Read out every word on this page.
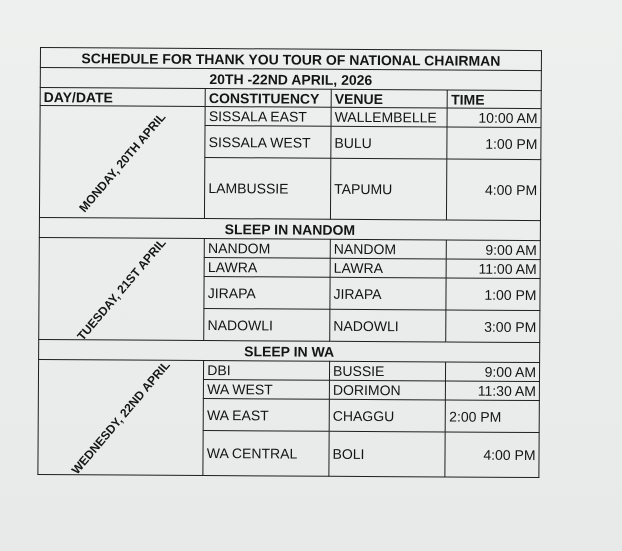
SCHEDULE FOR THANK YOU TOUR OF NATIONAL CHAIRMAN			
20TH -22ND APRIL, 2026			
DAY/DATE	CONSTITUENCY	VENUE	TIME

MONDAY, 20TH APRIL	SISSALA EAST	WALLEMBELLE	10:00 AM
	SISSALA WEST	BULU	1:00 PM
	LAMBUSSIE	TAPUMU	4:00 PM
SLEEP IN NANDOM			

TUESDAY, 21ST APRIL	NANDOM	NANDOM	9:00 AM
	LAWRA	LAWRA	11:00 AM
	JIRAPA	JIRAPA	1:00 PM
	NADOWLI	NADOWLI	3:00 PM
SLEEP IN WA			

WEDNESDY, 22ND APRIL	DBI	BUSSIE	9:00 AM
	WA WEST	DORIMON	11:30 AM
	WA EAST	CHAGGU	2:00 PM
	WA CENTRAL	BOLI	4:00 PM
